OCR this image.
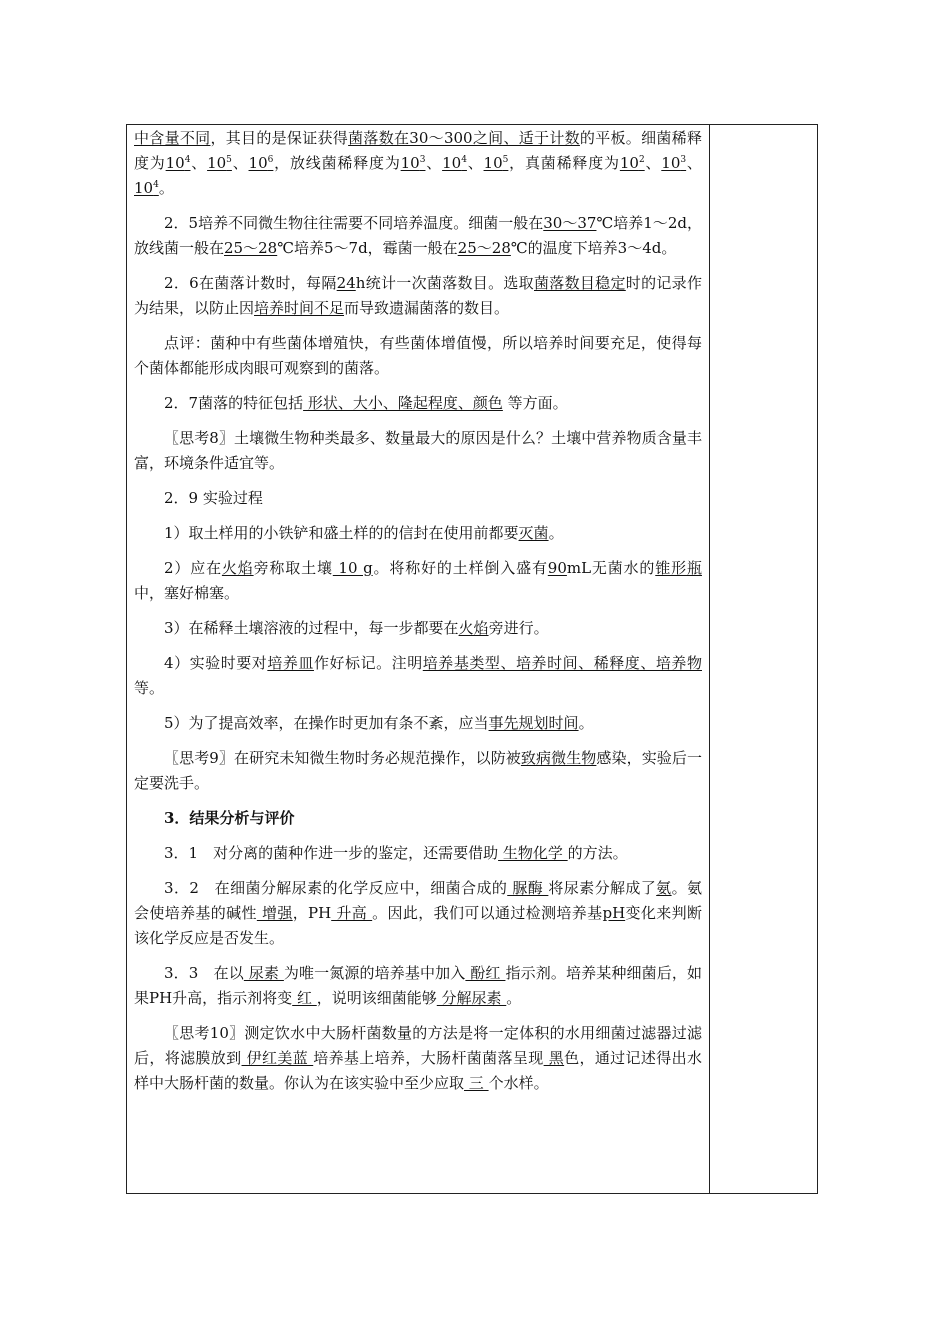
中含量不同，其目的是保证获得菌落数在30～300之间、适于计数的平板。细菌稀释度为$10^4$、$10^5$、$10^6$，放线菌稀释度为$10^3$、$10^4$、$10^5$，真菌稀释度为$10^2$、$10^3$、$10^4$。

2．5培养不同微生物往往需要不同培养温度。细菌一般在30～37℃培养1～2d，放线菌一般在25～28℃培养5～7d，霉菌一般在25～28℃的温度下培养3～4d。

2．6在菌落计数时，每隔24h统计一次菌落数目。选取菌落数目稳定时的记录作为结果，以防止因培养时间不足而导致遗漏菌落的数目。

点评：菌种中有些菌体增殖快，有些菌体增值慢，所以培养时间要充足，使得每个菌体都能形成肉眼可观察到的菌落。

2．7菌落的特征包括 形状、大小、隆起程度、颜色 等方面。

〖思考8〗土壤微生物种类最多、数量最大的原因是什么？土壤中营养物质含量丰富，环境条件适宜等。

2．9 实验过程

1）取土样用的小铁铲和盛土样的的信封在使用前都要灭菌。

2）应在火焰旁称取土壤 10 g。将称好的土样倒入盛有90mL无菌水的锥形瓶中，塞好棉塞。

3）在稀释土壤溶液的过程中，每一步都要在火焰旁进行。

4）实验时要对培养皿作好标记。注明培养基类型、培养时间、稀释度、培养物等。

5）为了提高效率，在操作时更加有条不紊，应当事先规划时间。

〖思考9〗在研究未知微生物时务必规范操作，以防被致病微生物感染，实验后一定要洗手。

3．结果分析与评价

3．1　对分离的菌种作进一步的鉴定，还需要借助 生物化学 的方法。

3．2　在细菌分解尿素的化学反应中，细菌合成的 脲酶 将尿素分解成了氨。氨会使培养基的碱性 增强，PH 升高 。因此，我们可以通过检测培养基pH变化来判断该化学反应是否发生。

3．3　在以 尿素 为唯一氮源的培养基中加入 酚红 指示剂。培养某种细菌后，如果PH升高，指示剂将变 红 ，说明该细菌能够 分解尿素 。

〖思考10〗测定饮水中大肠杆菌数量的方法是将一定体积的水用细菌过滤器过滤后，将滤膜放到 伊红美蓝 培养基上培养，大肠杆菌菌落呈现 黑色，通过记述得出水样中大肠杆菌的数量。你认为在该实验中至少应取 三 个水样。
